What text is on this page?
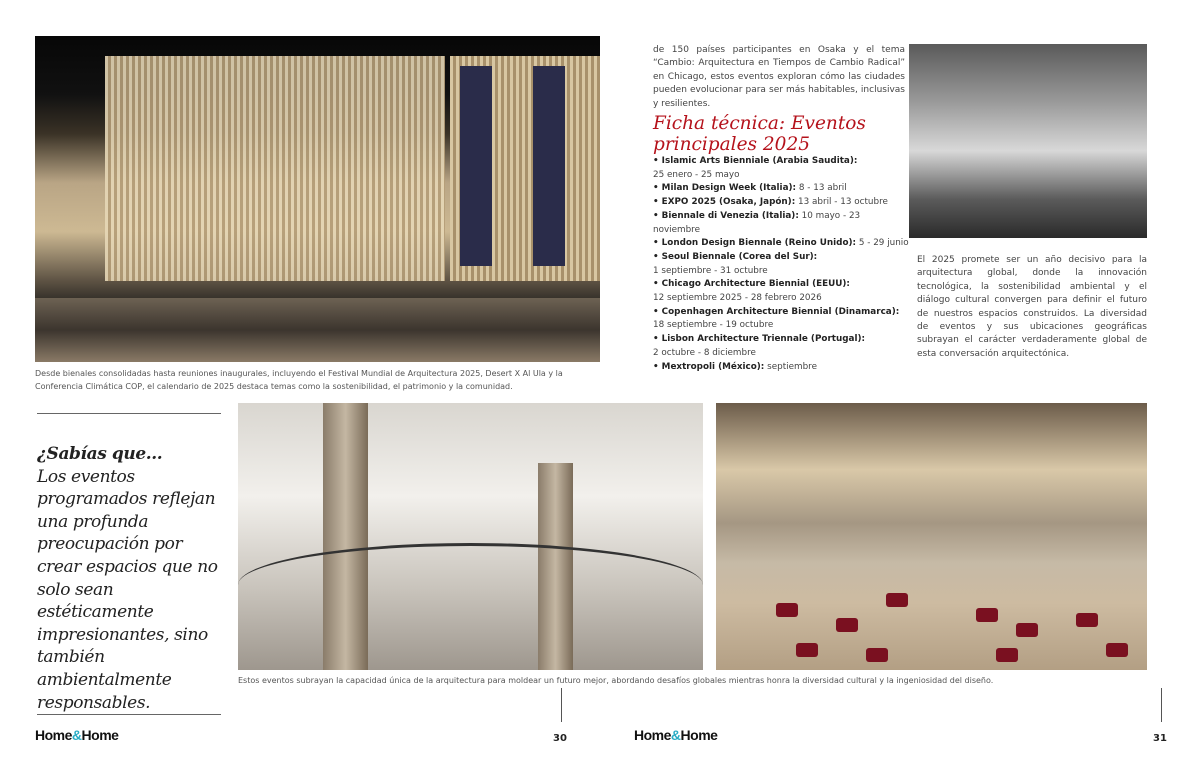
Desde bienales consolidadas hasta reuniones inaugurales, incluyendo el Festival Mundial de Arquitectura 2025, Desert X Al Ula y la Conferencia Climática COP, el calendario de 2025 destaca temas como la sostenibilidad, el patrimonio y la comunidad.
¿Sabías que...
Los eventos programados reflejan una profunda preocupación por crear espacios que no solo sean estéticamente impresionantes, sino también ambientalmente responsables.
Estos eventos subrayan la capacidad única de la arquitectura para moldear un futuro mejor, abordando desafíos globales mientras honra la diversidad cultural y la ingeniosidad del diseño.
de 150 países participantes en Osaka y el tema “Cambio: Arquitectura en Tiempos de Cambio Radical” en Chicago, estos eventos exploran cómo las ciudades pueden evolucionar para ser más habitables, inclusivas y resilientes.
Ficha técnica: Eventos principales 2025
• Islamic Arts Bienniale (Arabia Saudita):
25 enero - 25 mayo
• Milan Design Week (Italia): 8 - 13 abril
• EXPO 2025 (Osaka, Japón): 13 abril - 13 octubre
• Biennale di Venezia (Italia): 10 mayo - 23 noviembre
• London Design Biennale (Reino Unido): 5 - 29 junio
• Seoul Biennale (Corea del Sur):
1 septiembre - 31 octubre
• Chicago Architecture Biennial (EEUU):
12 septiembre 2025 - 28 febrero 2026
• Copenhagen Architecture Biennial (Dinamarca):
18 septiembre - 19 octubre
• Lisbon Architecture Triennale (Portugal):
2 octubre - 8 diciembre
• Mextropoli (México): septiembre
El 2025 promete ser un año decisivo para la arquitectura global, donde la innovación tecnológica, la sostenibilidad ambiental y el diálogo cultural convergen para definir el futuro de nuestros espacios construidos. La diversidad de eventos y sus ubicaciones geográficas subrayan el carácter verdaderamente global de esta conversación arquitectónica.
Home&Home	30	Home&Home	31
